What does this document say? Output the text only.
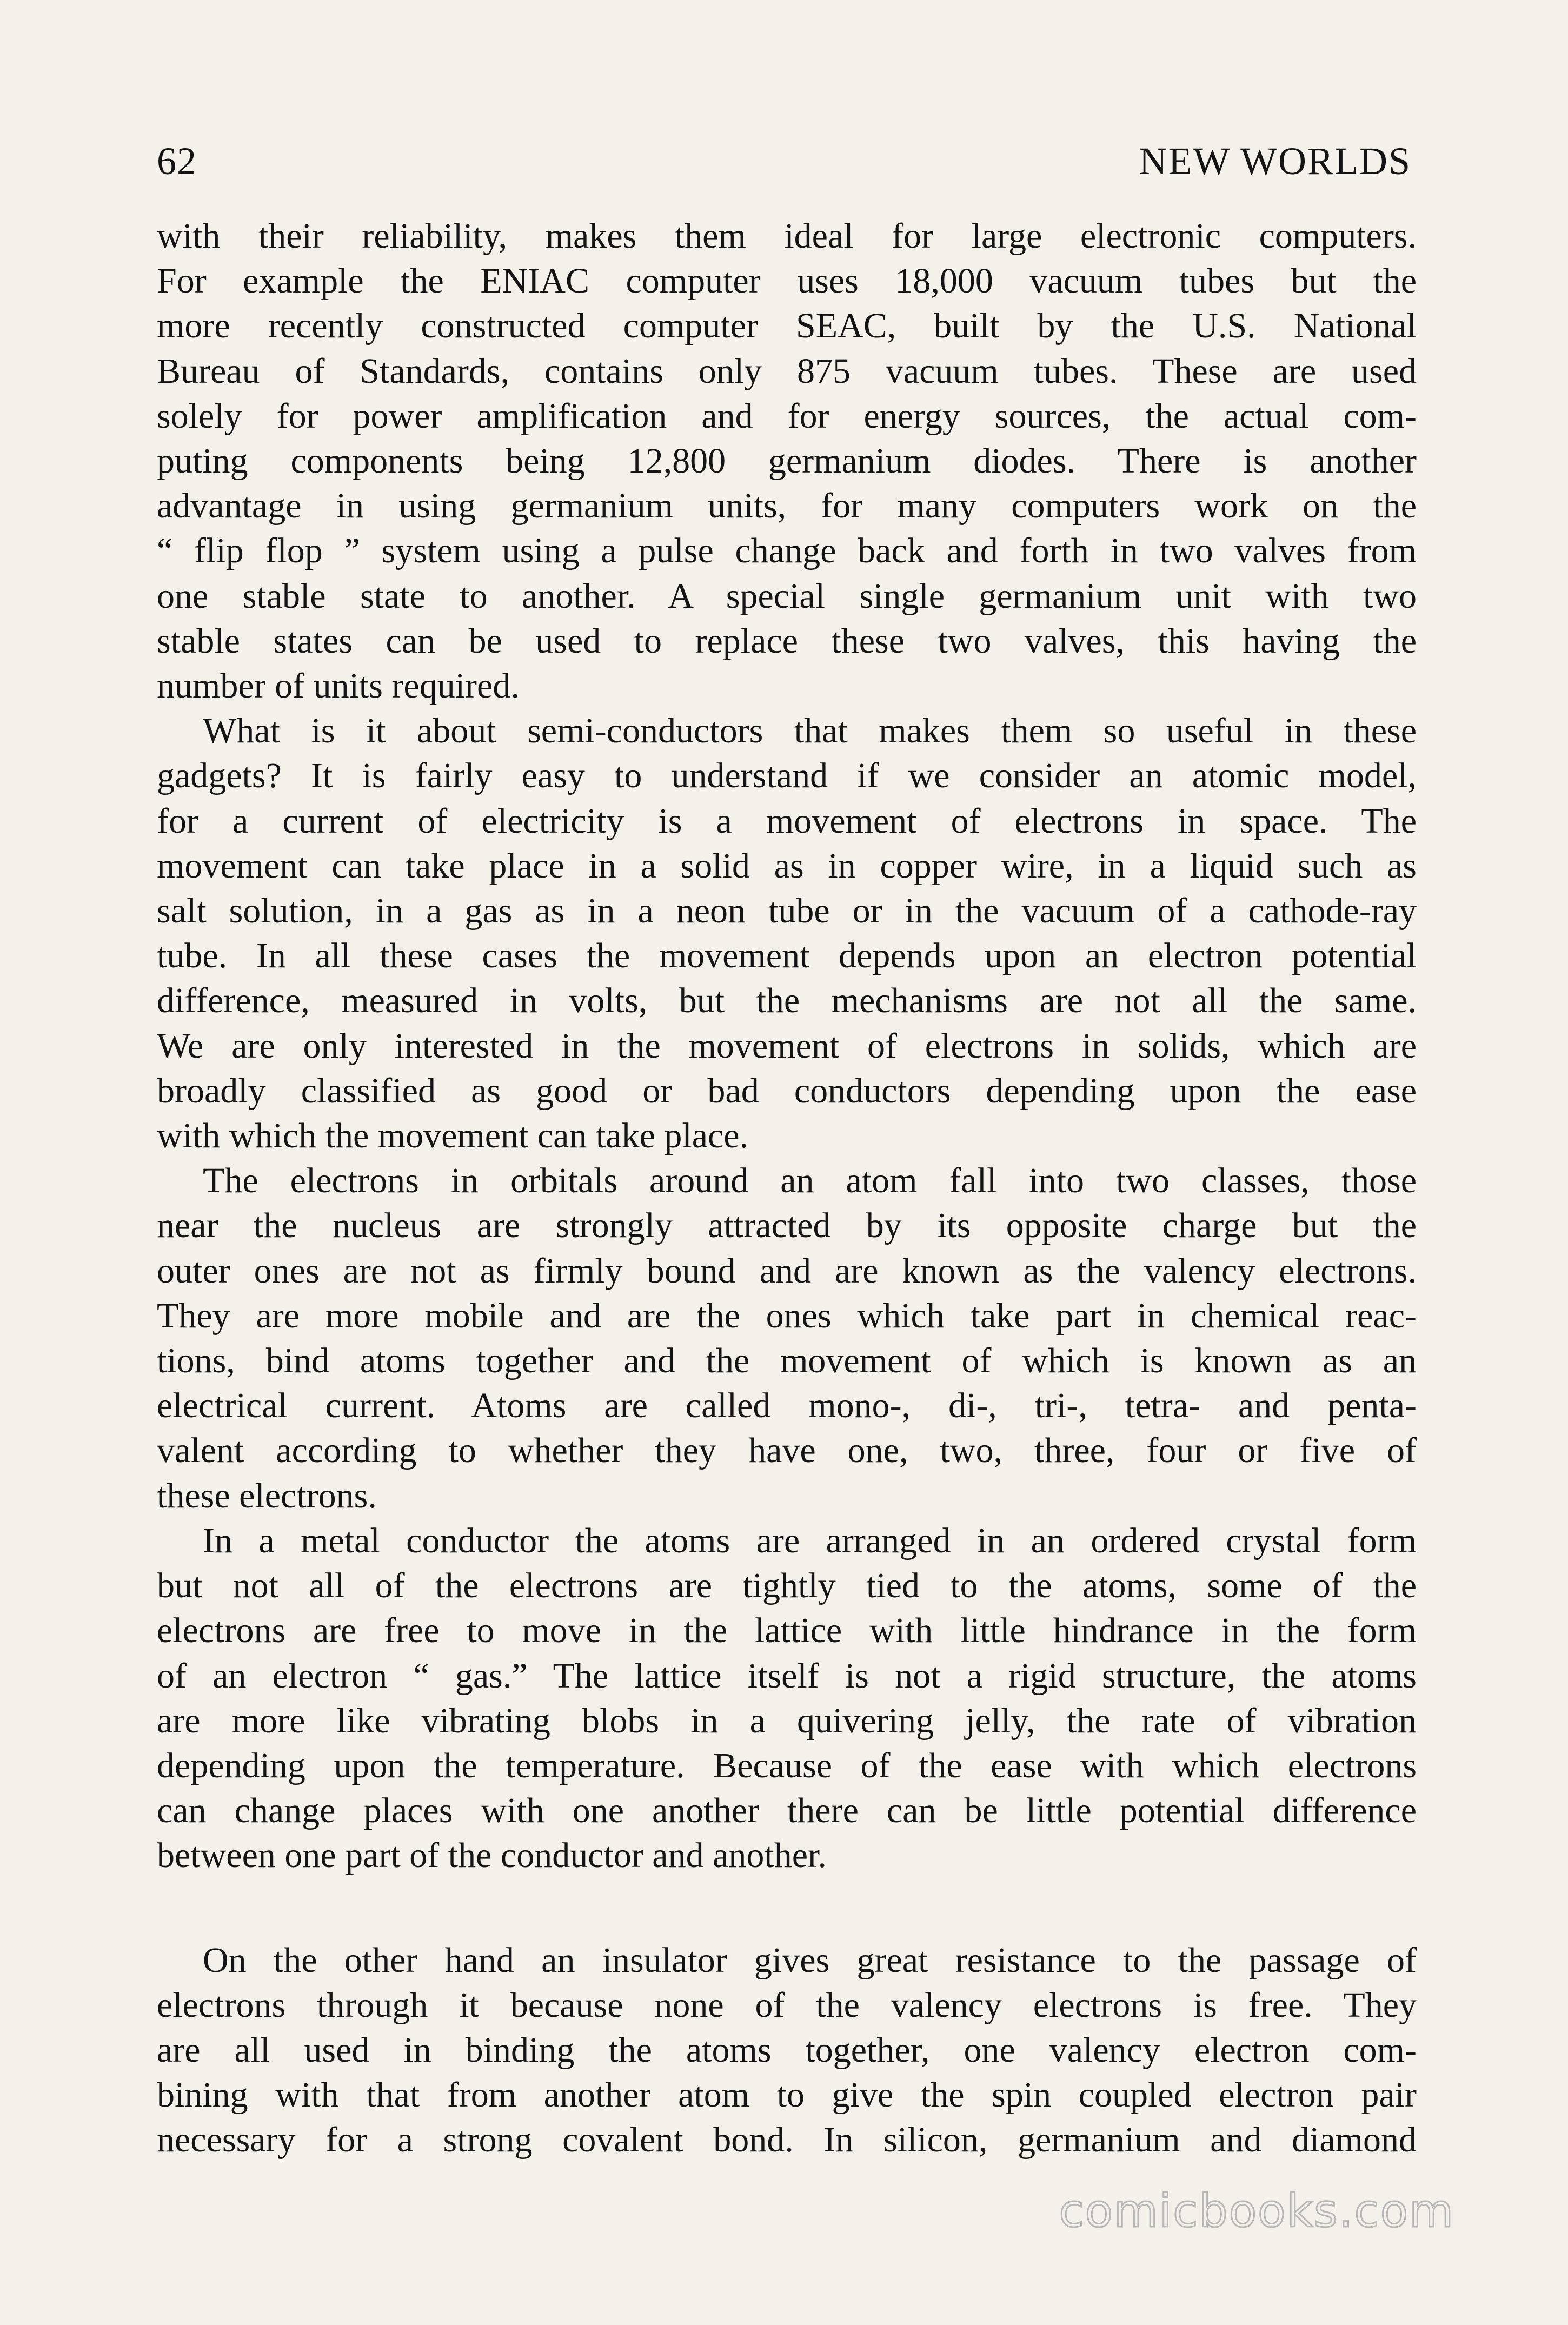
62	NEW WORLDS
with their reliability, makes them ideal for large electronic computers.
For example the ENIAC computer uses 18,000 vacuum tubes but the
more recently constructed computer SEAC, built by the U.S. National
Bureau of Standards, contains only 875 vacuum tubes. These are used
solely for power amplification and for energy sources, the actual com-
puting components being 12,800 germanium diodes. There is another
advantage in using germanium units, for many computers work on the
“ flip flop ” system using a pulse change back and forth in two valves from
one stable state to another. A special single germanium unit with two
stable states can be used to replace these two valves, this having the
number of units required.
What is it about semi-conductors that makes them so useful in these
gadgets? It is fairly easy to understand if we consider an atomic model,
for a current of electricity is a movement of electrons in space. The
movement can take place in a solid as in copper wire, in a liquid such as
salt solution, in a gas as in a neon tube or in the vacuum of a cathode-ray
tube. In all these cases the movement depends upon an electron potential
difference, measured in volts, but the mechanisms are not all the same.
We are only interested in the movement of electrons in solids, which are
broadly classified as good or bad conductors depending upon the ease
with which the movement can take place.
The electrons in orbitals around an atom fall into two classes, those
near the nucleus are strongly attracted by its opposite charge but the
outer ones are not as firmly bound and are known as the valency electrons.
They are more mobile and are the ones which take part in chemical reac-
tions, bind atoms together and the movement of which is known as an
electrical current. Atoms are called mono-, di-, tri-, tetra- and penta-
valent according to whether they have one, two, three, four or five of
these electrons.
In a metal conductor the atoms are arranged in an ordered crystal form
but not all of the electrons are tightly tied to the atoms, some of the
electrons are free to move in the lattice with little hindrance in the form
of an electron “ gas.” The lattice itself is not a rigid structure, the atoms
are more like vibrating blobs in a quivering jelly, the rate of vibration
depending upon the temperature. Because of the ease with which electrons
can change places with one another there can be little potential difference
between one part of the conductor and another.
On the other hand an insulator gives great resistance to the passage of
electrons through it because none of the valency electrons is free. They
are all used in binding the atoms together, one valency electron com-
bining with that from another atom to give the spin coupled electron pair
necessary for a strong covalent bond. In silicon, germanium and diamond
comicbooks.com
